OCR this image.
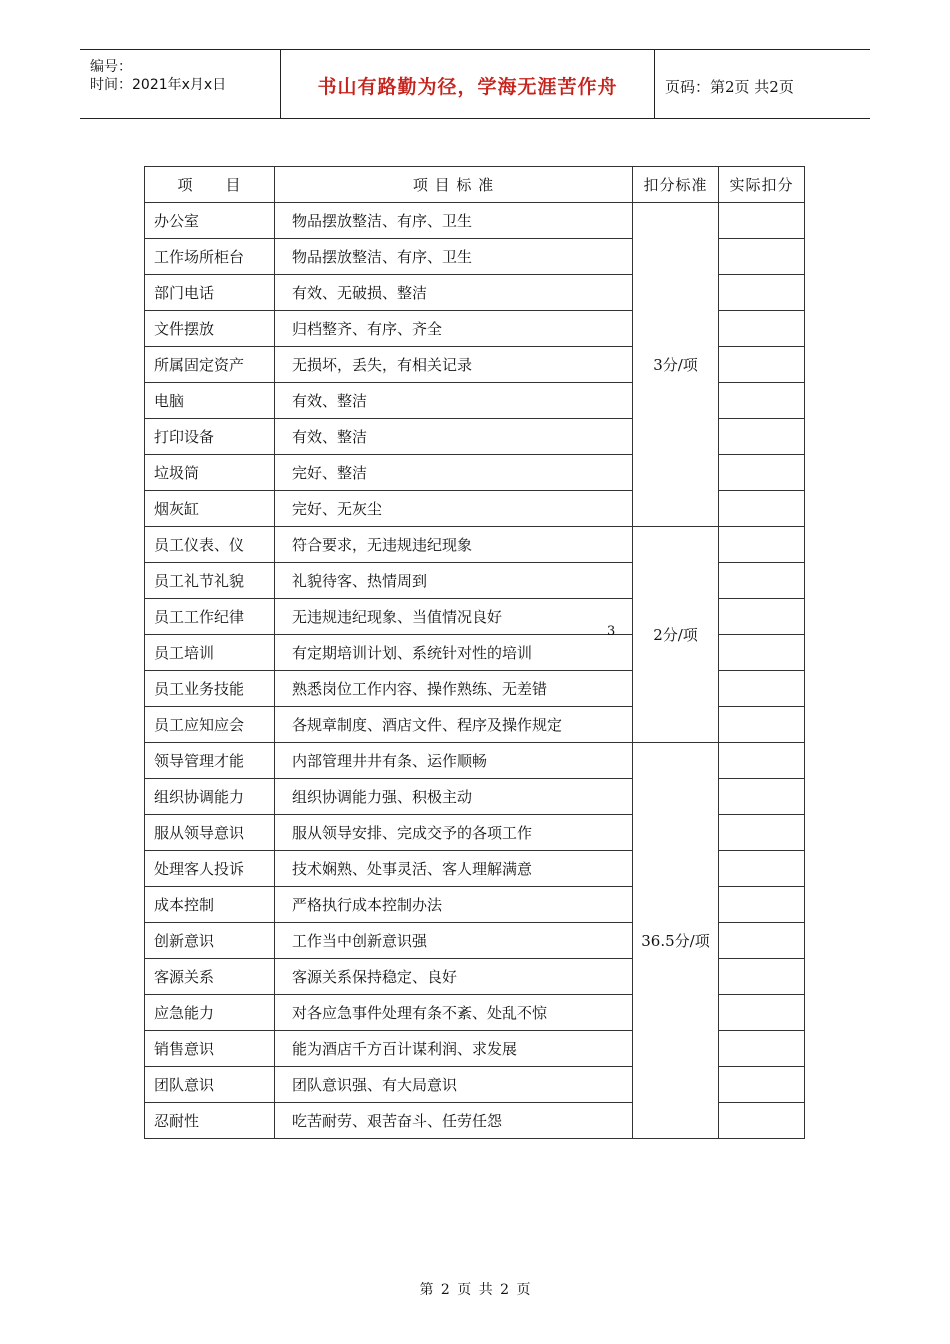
编号：
时间：2021年x月x日	书山有路勤为径，学海无涯苦作舟	页码：第2页 共2页
项　　目	项 目 标 准	扣分标准	实际扣分
办公室	物品摆放整洁、有序、卫生	3分/项	
工作场所柜台	物品摆放整洁、有序、卫生		
部门电话	有效、无破损、整洁		
文件摆放	归档整齐、有序、齐全		
所属固定资产	无损坏，丢失，有相关记录		
电脑	有效、整洁		
打印设备	有效、整洁		
垃圾筒	完好、整洁		
烟灰缸	完好、无灰尘		
员工仪表、仪	符合要求，无违规违纪现象	3 2分/项	
员工礼节礼貌	礼貌待客、热情周到		
员工工作纪律	无违规违纪现象、当值情况良好		
员工培训	有定期培训计划、系统针对性的培训		
员工业务技能	熟悉岗位工作内容、操作熟练、无差错		
员工应知应会	各规章制度、酒店文件、程序及操作规定		
领导管理才能	内部管理井井有条、运作顺畅	36.5分/项	
组织协调能力	组织协调能力强、积极主动		
服从领导意识	服从领导安排、完成交予的各项工作		
处理客人投诉	技术娴熟、处事灵活、客人理解满意		
成本控制	严格执行成本控制办法		
创新意识	工作当中创新意识强		
客源关系	客源关系保持稳定、良好		
应急能力	对各应急事件处理有条不紊、处乱不惊		
销售意识	能为酒店千方百计谋利润、求发展		
团队意识	团队意识强、有大局意识		
忍耐性	吃苦耐劳、艰苦奋斗、任劳任怨		
第 2 页 共 2 页
